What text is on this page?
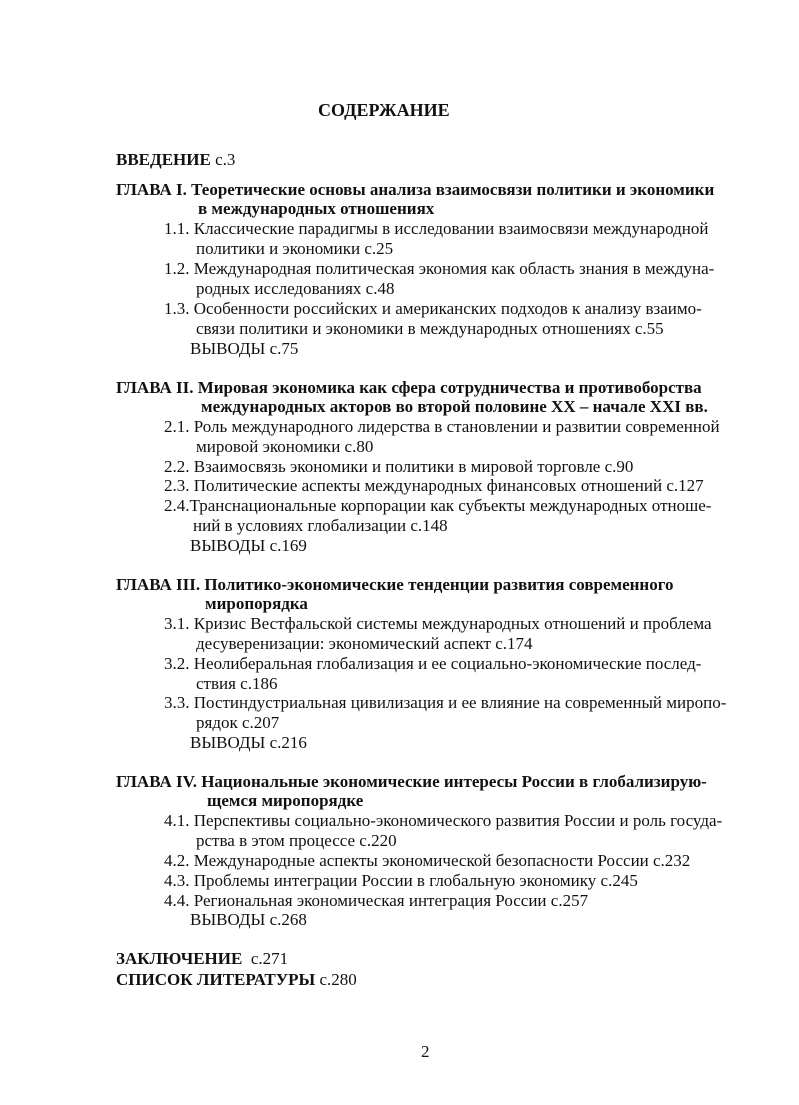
СОДЕРЖАНИЕ
ВВЕДЕНИЕ с.3
ГЛАВА I. Теоретические основы анализа взаимосвязи политики и экономики
в международных отношениях
1.1. Классические парадигмы в исследовании взаимосвязи международной
политики и экономики с.25
1.2. Международная политическая экономия как область знания в междуна-
родных исследованиях с.48
1.3. Особенности российских и американских подходов к анализу взаимо-
связи политики и экономики в международных отношениях с.55
ВЫВОДЫ с.75
ГЛАВА II. Мировая экономика как сфера сотрудничества и противоборства
международных акторов во второй половине XX – начале XXI вв.
2.1. Роль международного лидерства в становлении и развитии современной
мировой экономики с.80
2.2. Взаимосвязь экономики и политики в мировой торговле с.90
2.3. Политические аспекты международных финансовых отношений с.127
2.4.Транснациональные корпорации как субъекты международных отноше-
ний в условиях глобализации с.148
ВЫВОДЫ с.169
ГЛАВА III. Политико-экономические тенденции развития современного
миропорядка
3.1. Кризис Вестфальской системы международных отношений и проблема
десуверенизации: экономический аспект с.174
3.2. Неолиберальная глобализация и ее социально-экономические послед-
ствия с.186
3.3. Постиндустриальная цивилизация и ее влияние на современный миропо-
рядок с.207
ВЫВОДЫ с.216
ГЛАВА IV. Национальные экономические интересы России в глобализирую-
щемся миропорядке
4.1. Перспективы социально-экономического развития России и роль госуда-
рства в этом процессе с.220
4.2. Международные аспекты экономической безопасности России с.232
4.3. Проблемы интеграции России в глобальную экономику с.245
4.4. Региональная экономическая интеграция России с.257
ВЫВОДЫ с.268
ЗАКЛЮЧЕНИЕ с.271
СПИСОК ЛИТЕРАТУРЫ с.280
2
